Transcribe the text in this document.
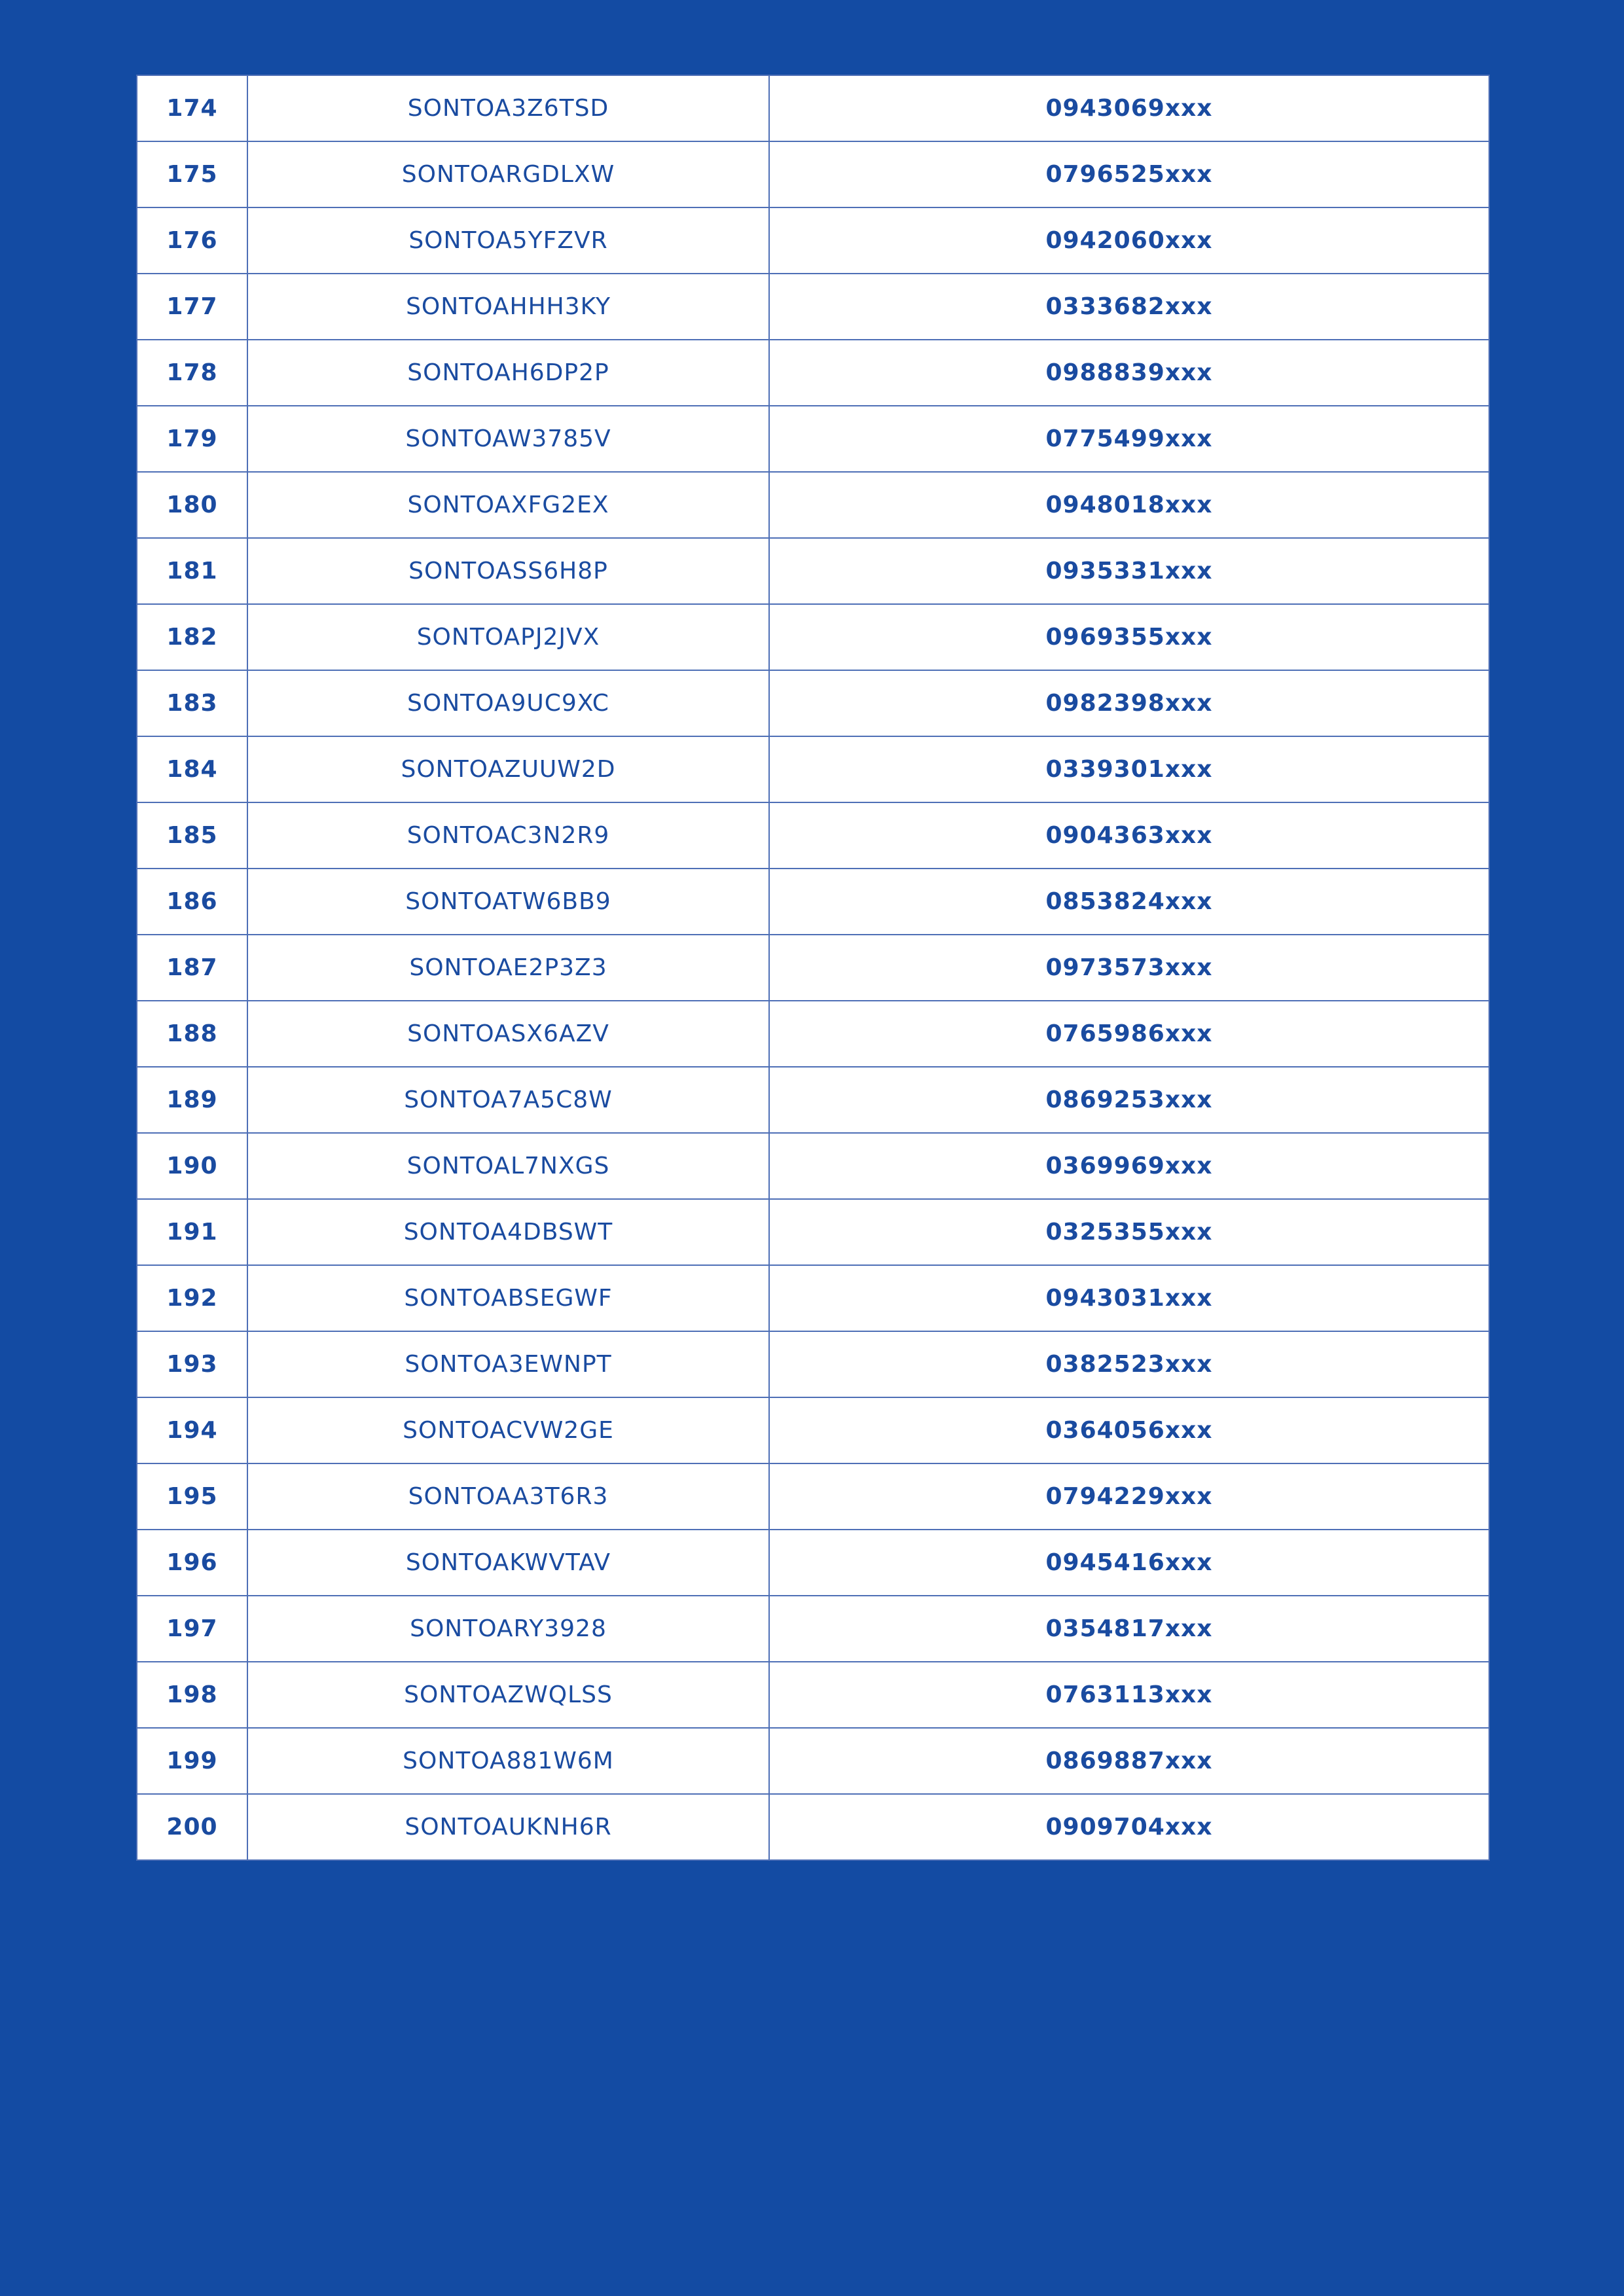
174	SONTOA3Z6TSD	0943069xxx
175	SONTOARGDLXW	0796525xxx
176	SONTOA5YFZVR	0942060xxx
177	SONTOAHHH3KY	0333682xxx
178	SONTOAH6DP2P	0988839xxx
179	SONTOAW3785V	0775499xxx
180	SONTOAXFG2EX	0948018xxx
181	SONTOASS6H8P	0935331xxx
182	SONTOAPJ2JVX	0969355xxx
183	SONTOA9UC9XC	0982398xxx
184	SONTOAZUUW2D	0339301xxx
185	SONTOAC3N2R9	0904363xxx
186	SONTOATW6BB9	0853824xxx
187	SONTOAE2P3Z3	0973573xxx
188	SONTOASX6AZV	0765986xxx
189	SONTOA7A5C8W	0869253xxx
190	SONTOAL7NXGS	0369969xxx
191	SONTOA4DBSWT	0325355xxx
192	SONTOABSEGWF	0943031xxx
193	SONTOA3EWNPT	0382523xxx
194	SONTOACVW2GE	0364056xxx
195	SONTOAA3T6R3	0794229xxx
196	SONTOAKWVTAV	0945416xxx
197	SONTOARY3928	0354817xxx
198	SONTOAZWQLSS	0763113xxx
199	SONTOA881W6M	0869887xxx
200	SONTOAUKNH6R	0909704xxx
